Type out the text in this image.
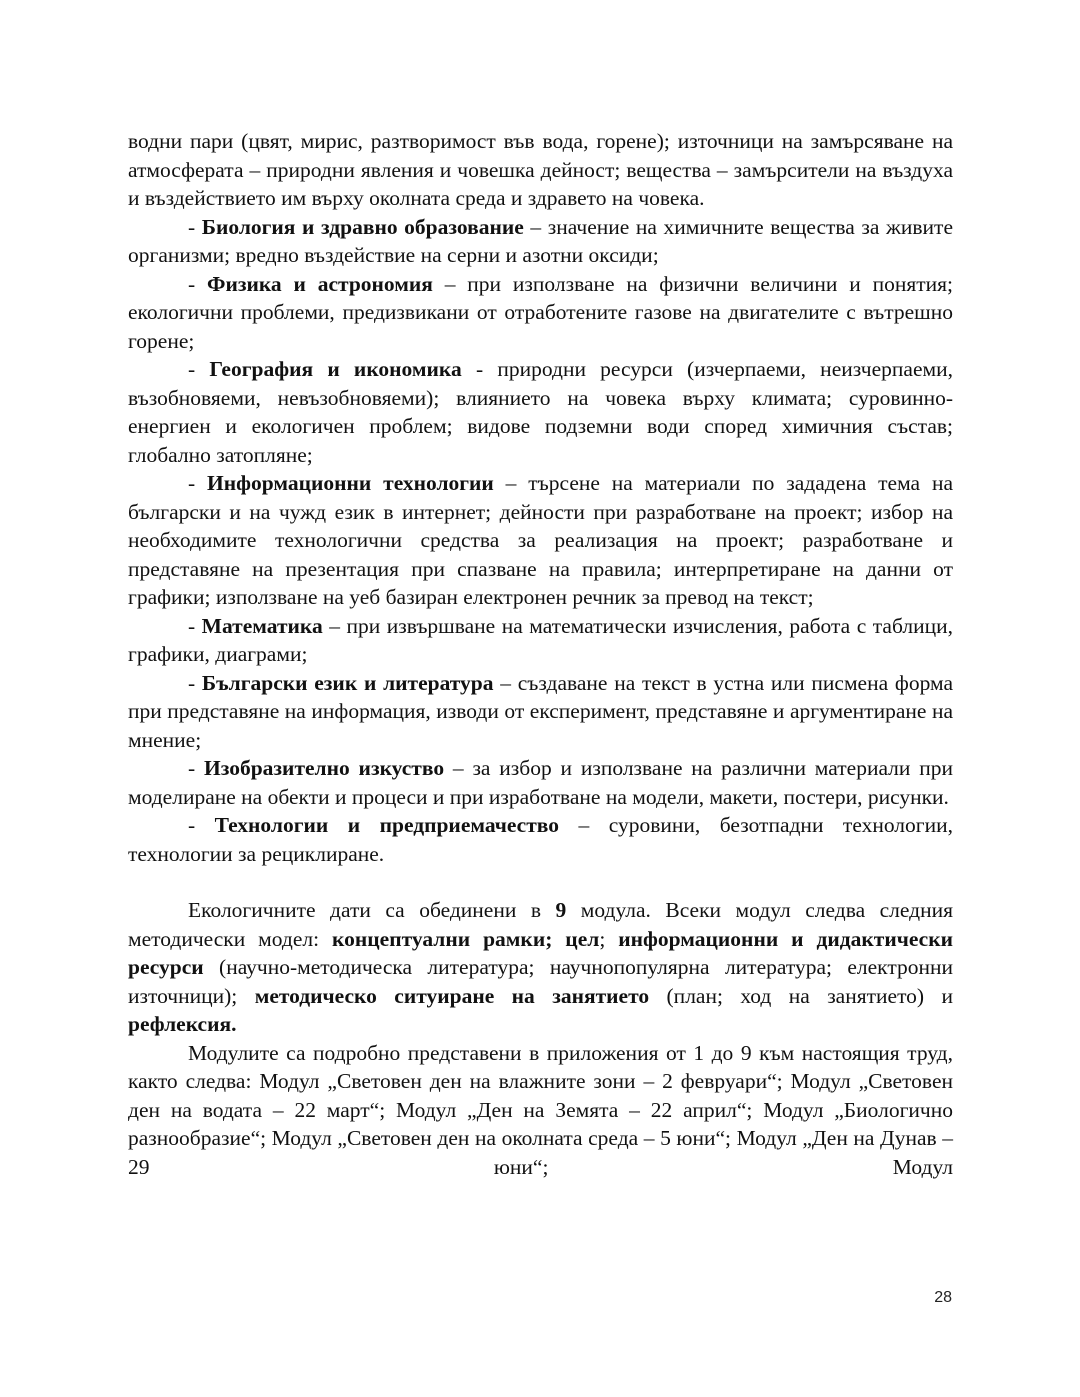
водни пари (цвят, мирис, разтворимост във вода, горене); източници на замърсяване на атмосферата – природни явления и човешка дейност; вещества – замърсители на въздуха и въздействието им върху околната среда и здравето на човека.

- Биология и здравно образование – значение на химичните вещества за живите организми; вредно въздействие на серни и азотни оксиди;

- Физика и астрономия – при използване на физични величини и понятия; екологични проблеми, предизвикани от отработените газове на двигателите с вътрешно горене;

- География и икономика - природни ресурси (изчерпаеми, неизчерпаеми, възобновяеми, невъзобновяеми); влиянието на човека върху климата; суровинно-енергиен и екологичен проблем; видове подземни води според химичния състав; глобално затопляне;

- Информационни технологии – търсене на материали по зададена тема на български и на чужд език в интернет; дейности при разработване на проект; избор на необходимите технологични средства за реализация на проект; разработване и представяне на презентация при спазване на правила; интерпретиране на данни от графики; използване на уеб базиран електронен речник за превод на текст;

- Математика – при извършване на математически изчисления, работа с таблици, графики, диаграми;

- Български език и литература – създаване на текст в устна или писмена форма при представяне на информация, изводи от експеримент, представяне и аргументиране на мнение;

- Изобразително изкуство – за избор и използване на различни материали при моделиране на обекти и процеси и при изработване на модели, макети, постери, рисунки.

- Технологии и предприемачество – суровини, безотпадни технологии, технологии за рециклиране.

Екологичните дати са обединени в 9 модула. Всеки модул следва следния методически модел: концептуални рамки; цел; информационни и дидактически ресурси (научно-методическа литература; научнопопулярна литература; електронни източници); методическо ситуиране на занятието (план; ход на занятието) и рефлексия.

Модулите са подробно представени в приложения от 1 до 9 към настоящия труд, както следва: Модул „Световен ден на влажните зони – 2 февруари“; Модул „Световен ден на водата – 22 март“; Модул „Ден на Земята – 22 април“; Модул „Биологично разнообразие“; Модул „Световен ден на околната среда – 5 юни“; Модул „Ден на Дунав – 29 юни“; Модул

28
